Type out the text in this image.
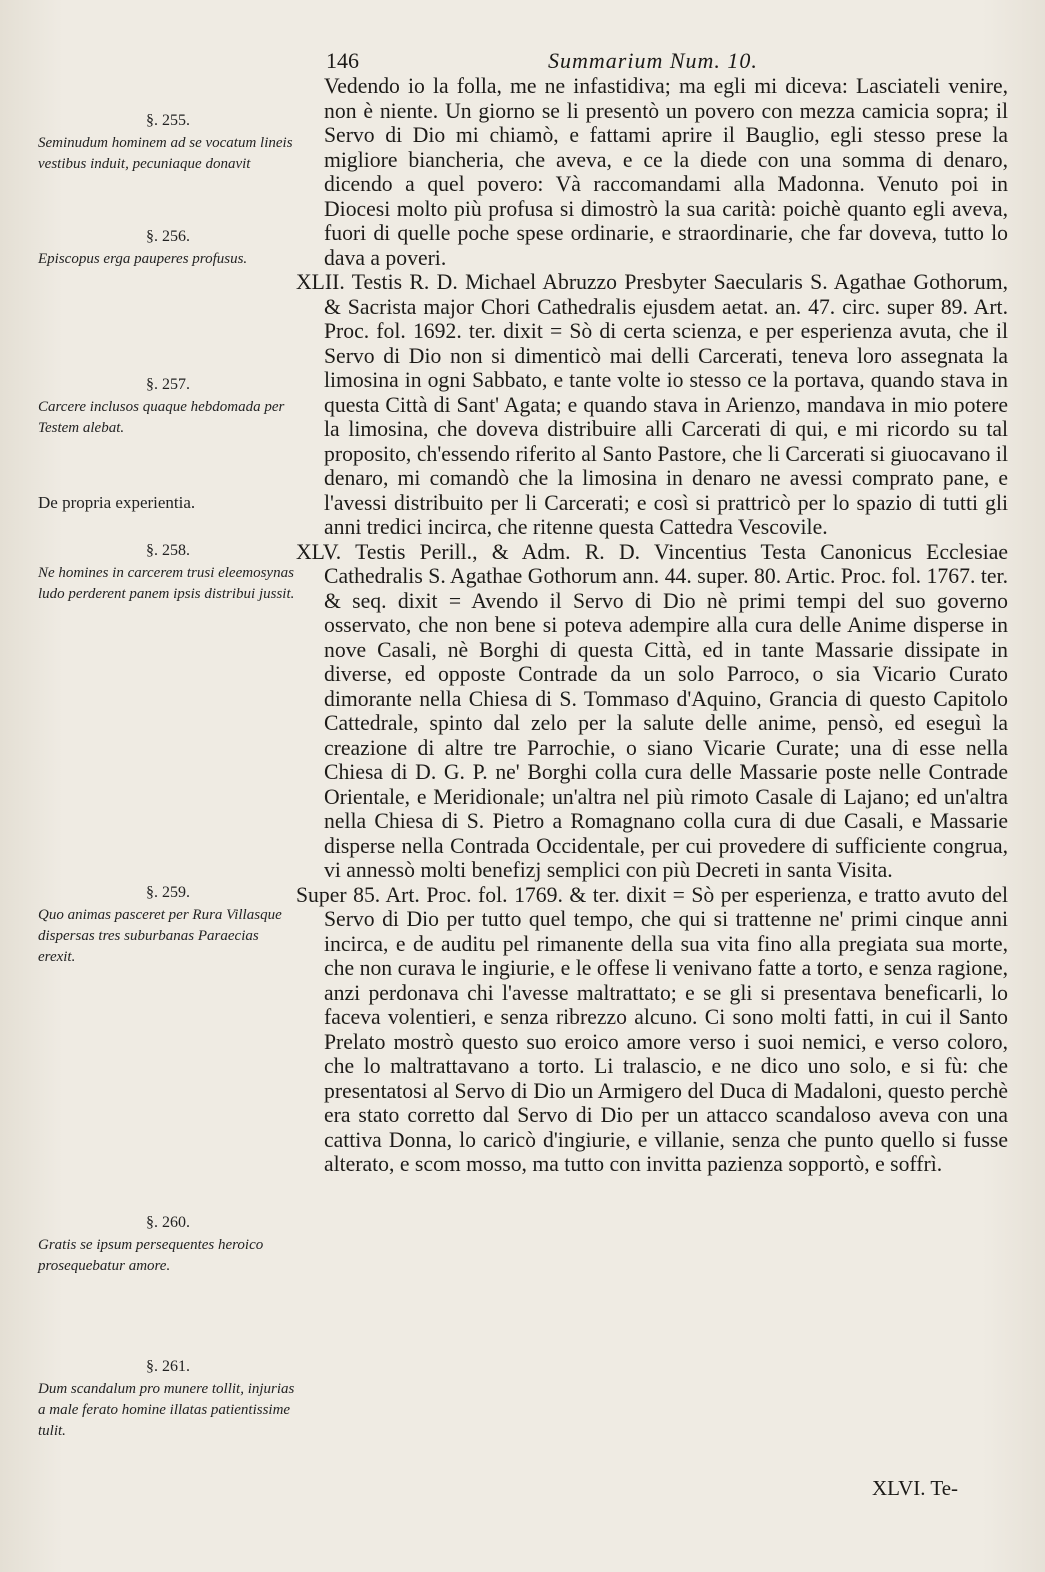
146	Summarium Num. 10.
§. 255.
Seminudum hominem ad se vocatum lineis vestibus induit, pecuniaque donavit
§. 256.
Episcopus erga pauperes profusus.
§. 257.
Carcere inclusos quaque hebdomada per Testem alebat.
De propria experientia.
§. 258.
Ne homines in carcerem trusi eleemosynas ludo perderent panem ipsis distribui jussit.
§. 259.
Quo animas pasceret per Rura Villasque dispersas tres suburbanas Paraecias erexit.
§. 260.
Gratis se ipsum persequentes heroico prosequebatur amore.
§. 261.
Dum scandalum pro munere tollit, injurias a male ferato homine illatas patientissime tulit.

Vedendo io la folla, me ne infastidiva; ma egli mi diceva: Lasciateli venire, non è niente. Un giorno se li presentò un povero con mezza camicia sopra; il Servo di Dio mi chiamò, e fattami aprire il Bauglio, egli stesso prese la migliore biancheria, che aveva, e ce la diede con una somma di denaro, dicendo a quel povero: Và raccomandami alla Madonna. Venuto poi in Diocesi molto più profusa si dimostrò la sua carità: poichè quanto egli aveva, fuori di quelle poche spese ordinarie, e straordinarie, che far doveva, tutto lo dava a poveri.

XLII. Testis R. D. Michael Abruzzo Presbyter Saecularis S. Agathae Gothorum, & Sacrista major Chori Cathedralis ejusdem aetat. an. 47. circ. super 89. Art. Proc. fol. 1692. ter. dixit = Sò di certa scienza, e per esperienza avuta, che il Servo di Dio non si dimenticò mai delli Carcerati, teneva loro assegnata la limosina in ogni Sabbato, e tante volte io stesso ce la portava, quando stava in questa Città di Sant' Agata; e quando stava in Arienzo, mandava in mio potere la limosina, che doveva distribuire alli Carcerati di qui, e mi ricordo su tal proposito, ch'essendo riferito al Santo Pastore, che li Carcerati si giuocavano il denaro, mi comandò che la limosina in denaro ne avessi comprato pane, e l'avessi distribuito per li Carcerati; e così si prattricò per lo spazio di tutti gli anni tredici incirca, che ritenne questa Cattedra Vescovile.

XLV. Testis Perill., & Adm. R. D. Vincentius Testa Canonicus Ecclesiae Cathedralis S. Agathae Gothorum ann. 44. super. 80. Artic. Proc. fol. 1767. ter. & seq. dixit = Avendo il Servo di Dio nè primi tempi del suo governo osservato, che non bene si poteva adempire alla cura delle Anime disperse in nove Casali, nè Borghi di questa Città, ed in tante Massarie dissipate in diverse, ed opposte Contrade da un solo Parroco, o sia Vicario Curato dimorante nella Chiesa di S. Tommaso d'Aquino, Grancia di questo Capitolo Cattedrale, spinto dal zelo per la salute delle anime, pensò, ed eseguì la creazione di altre tre Parrochie, o siano Vicarie Curate; una di esse nella Chiesa di D. G. P. ne' Borghi colla cura delle Massarie poste nelle Contrade Orientale, e Meridionale; un'altra nel più rimoto Casale di Lajano; ed un'altra nella Chiesa di S. Pietro a Romagnano colla cura di due Casali, e Massarie disperse nella Contrada Occidentale, per cui provedere di sufficiente congrua, vi annessò molti benefizj semplici con più Decreti in santa Visita.

Super 85. Art. Proc. fol. 1769. & ter. dixit = Sò per esperienza, e tratto avuto del Servo di Dio per tutto quel tempo, che qui si trattenne ne' primi cinque anni incirca, e de auditu pel rimanente della sua vita fino alla pregiata sua morte, che non curava le ingiurie, e le offese li venivano fatte a torto, e senza ragione, anzi perdonava chi l'avesse maltrattato; e se gli si presentava beneficarli, lo faceva volentieri, e senza ribrezzo alcuno. Ci sono molti fatti, in cui il Santo Prelato mostrò questo suo eroico amore verso i suoi nemici, e verso coloro, che lo maltrattavano a torto. Li tralascio, e ne dico uno solo, e si fù: che presentatosi al Servo di Dio un Armigero del Duca di Madaloni, questo perchè era stato corretto dal Servo di Dio per un attacco scandaloso aveva con una cattiva Donna, lo caricò d'ingiurie, e villanie, senza che punto quello si fusse alterato, e scom mosso, ma tutto con invitta pazienza sopportò, e soffrì.

XLVI. Te-
